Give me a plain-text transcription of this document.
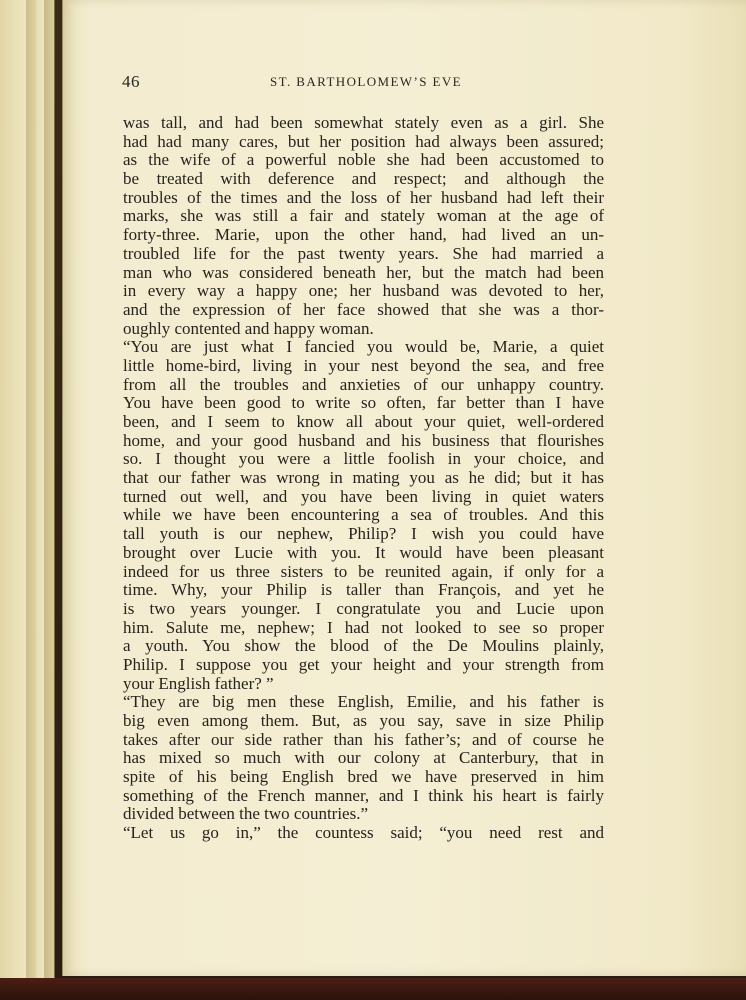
46	ST. BARTHOLOMEW’S EVE
was tall, and had been somewhat stately even as a girl. She
had had many cares, but her position had always been assured;
as the wife of a powerful noble she had been accustomed to
be treated with deference and respect; and although the
troubles of the times and the loss of her husband had left their
marks, she was still a fair and stately woman at the age of
forty-three. Marie, upon the other hand, had lived an un-
troubled life for the past twenty years. She had married a
man who was considered beneath her, but the match had been
in every way a happy one; her husband was devoted to her,
and the expression of her face showed that she was a thor-
oughly contented and happy woman.
“You are just what I fancied you would be, Marie, a quiet
little home-bird, living in your nest beyond the sea, and free
from all the troubles and anxieties of our unhappy country.
You have been good to write so often, far better than I have
been, and I seem to know all about your quiet, well-ordered
home, and your good husband and his business that flourishes
so. I thought you were a little foolish in your choice, and
that our father was wrong in mating you as he did; but it has
turned out well, and you have been living in quiet waters
while we have been encountering a sea of troubles. And this
tall youth is our nephew, Philip? I wish you could have
brought over Lucie with you. It would have been pleasant
indeed for us three sisters to be reunited again, if only for a
time. Why, your Philip is taller than François, and yet he
is two years younger. I congratulate you and Lucie upon
him. Salute me, nephew; I had not looked to see so proper
a youth. You show the blood of the De Moulins plainly,
Philip. I suppose you get your height and your strength from
your English father? ”
“They are big men these English, Emilie, and his father is
big even among them. But, as you say, save in size Philip
takes after our side rather than his father’s; and of course he
has mixed so much with our colony at Canterbury, that in
spite of his being English bred we have preserved in him
something of the French manner, and I think his heart is fairly
divided between the two countries.”
“Let us go in,” the countess said; “you need rest and
